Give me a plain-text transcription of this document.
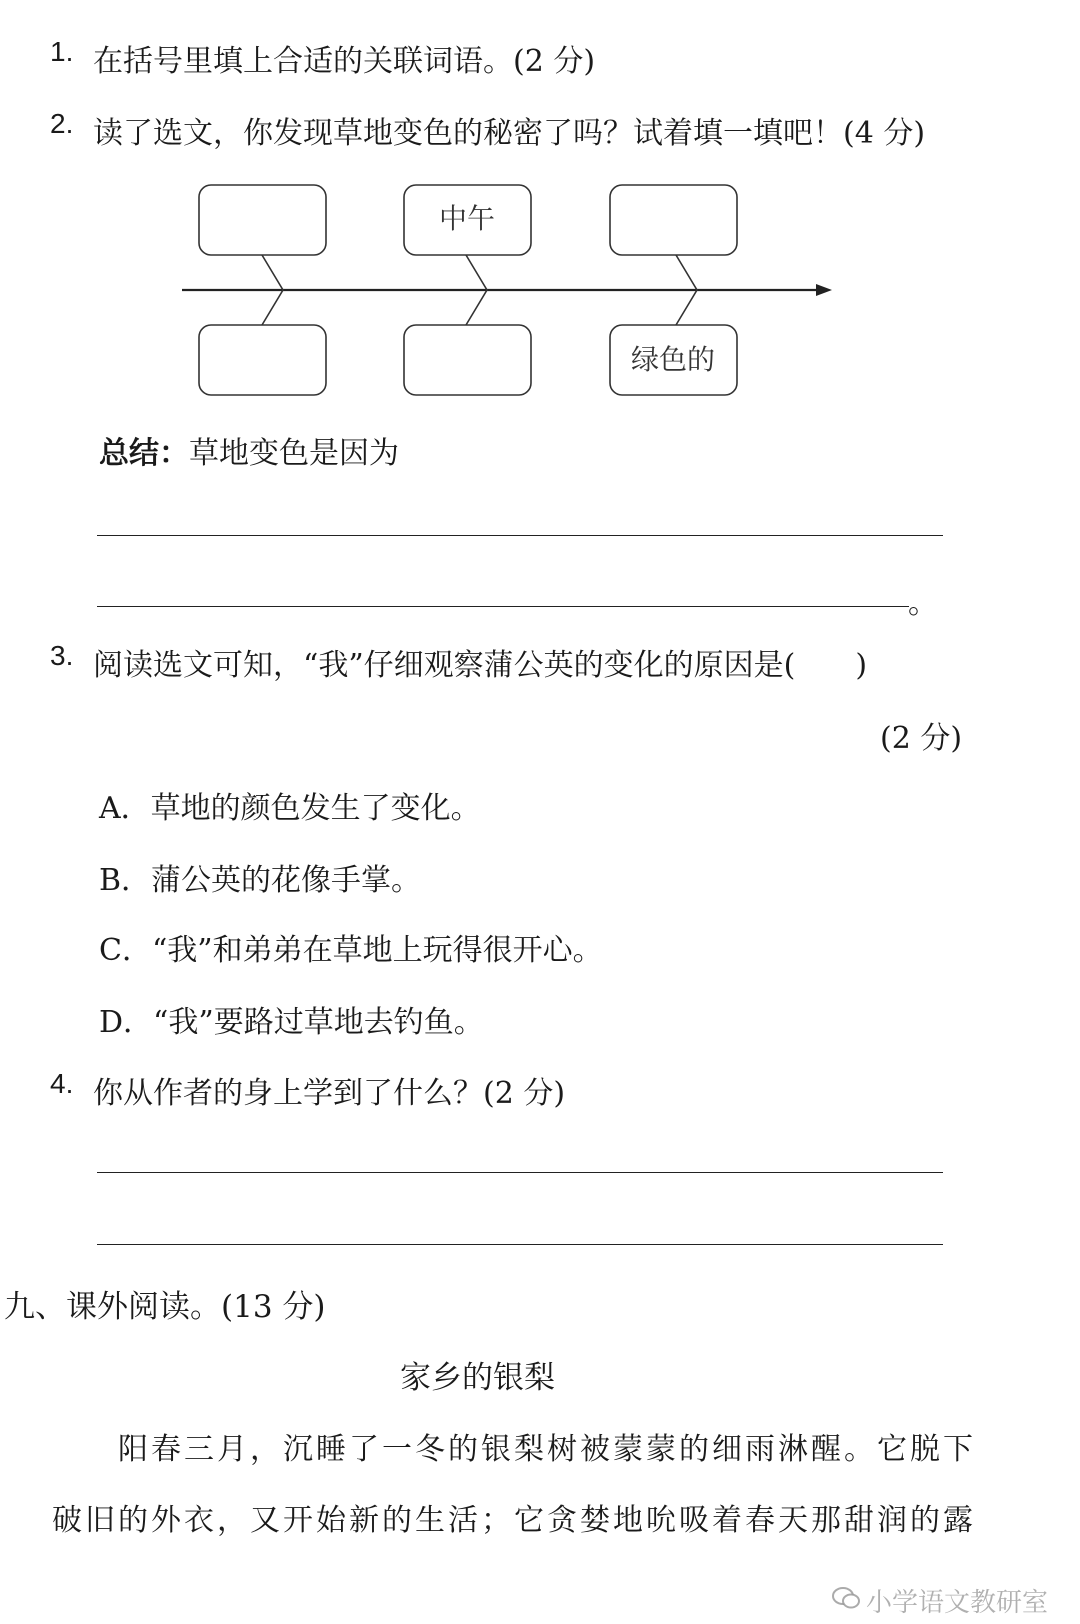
1. 在括号里填上合适的关联词语。(2 分)
2. 读了选文，你发现草地变色的秘密了吗？试着填一填吧！(4 分)
中午
绿色的
总结：草地变色是因为
。
3. 阅读选文可知，“我”仔细观察蒲公英的变化的原因是(　　)
(2 分)
A．草地的颜色发生了变化。
B．蒲公英的花像手掌。
C．“我”和弟弟在草地上玩得很开心。
D．“我”要路过草地去钓鱼。
4. 你从作者的身上学到了什么？(2 分)
九、课外阅读。(13 分)
家乡的银梨
阳春三月，沉睡了一冬的银梨树被蒙蒙的细雨淋醒。它脱下
破旧的外衣，又开始新的生活；它贪婪地吮吸着春天那甜润的露
小学语文教研室
